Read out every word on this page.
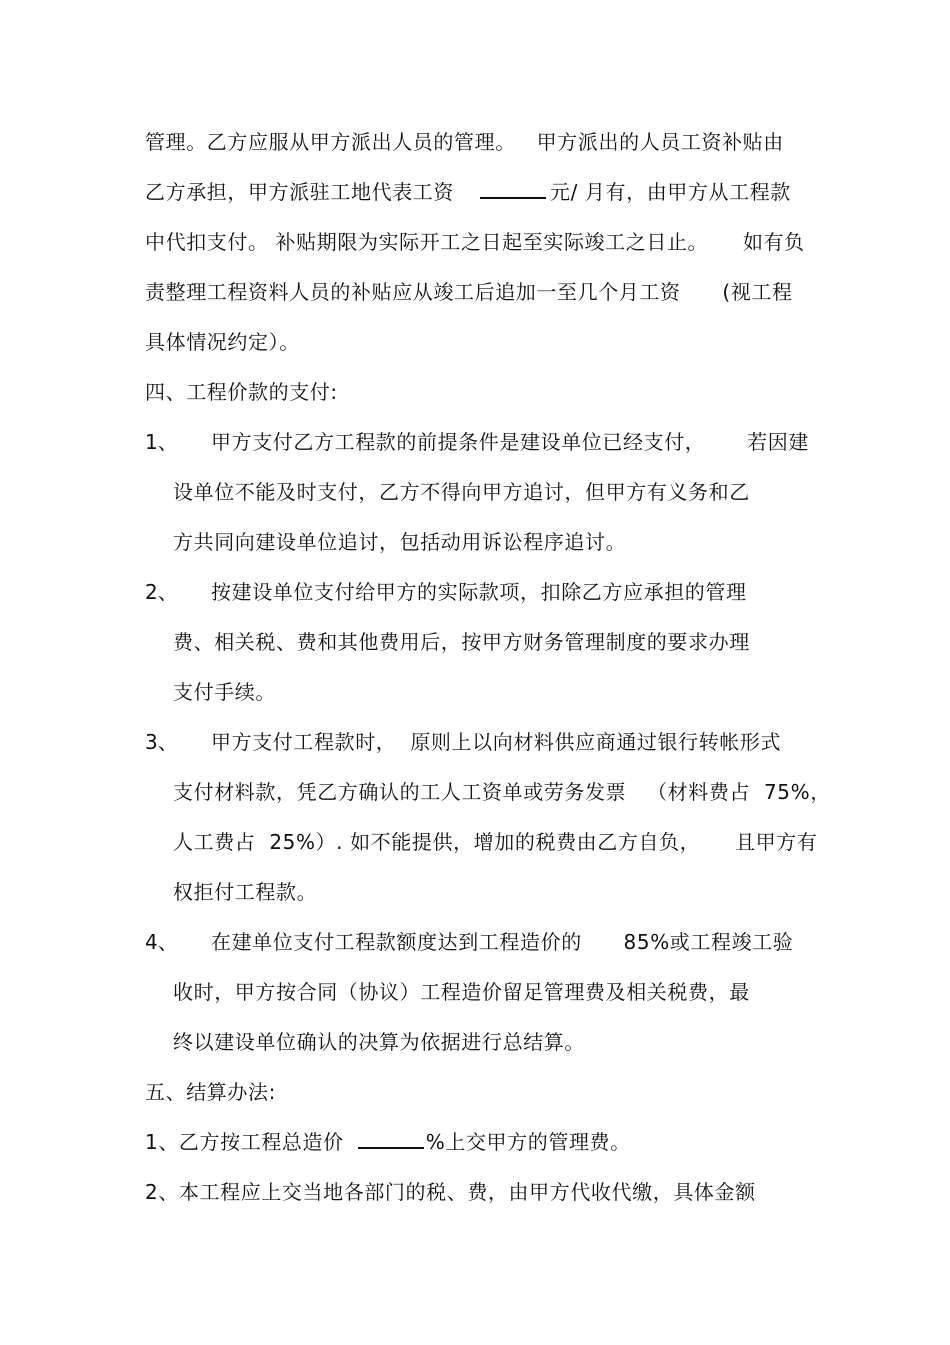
管理。乙方应服从甲方派出人员的管理。   甲方派出的人员工资补贴由

乙方承担，甲方派驻工地代表工资	元/ 月有，由甲方从工程款

中代扣支付。 补贴期限为实际开工之日起至实际竣工之日止。     如有负

责整理工程资料人员的补贴应从竣工后追加一至几个月工资      (视工程

具体情况约定）。

四、工程价款的支付:

1、 甲方支付乙方工程款的前提条件是建设单位已经支付，      若因建

设单位不能及时支付，乙方不得向甲方追讨，但甲方有义务和乙

方共同向建设单位追讨，包括动用诉讼程序追讨。

2、 按建设单位支付给甲方的实际款项，扣除乙方应承担的管理

费、相关税、费和其他费用后，按甲方财务管理制度的要求办理

支付手续。

3、 甲方支付工程款时，  原则上以向材料供应商通过银行转帐形式

支付材料款，凭乙方确认的工人工资单或劳务发票   （材料费占  75%，

人工费占  25%）. 如不能提供，增加的税费由乙方自负，     且甲方有

权拒付工程款。

4、 在建单位支付工程款额度达到工程造价的      85%或工程竣工验

收时，甲方按合同（协议）工程造价留足管理费及相关税费，最

终以建设单位确认的决算为依据进行总结算。

五、结算办法:

1、乙方按工程总造价	%上交甲方的管理费。

2、本工程应上交当地各部门的税、费，由甲方代收代缴，具体金额
